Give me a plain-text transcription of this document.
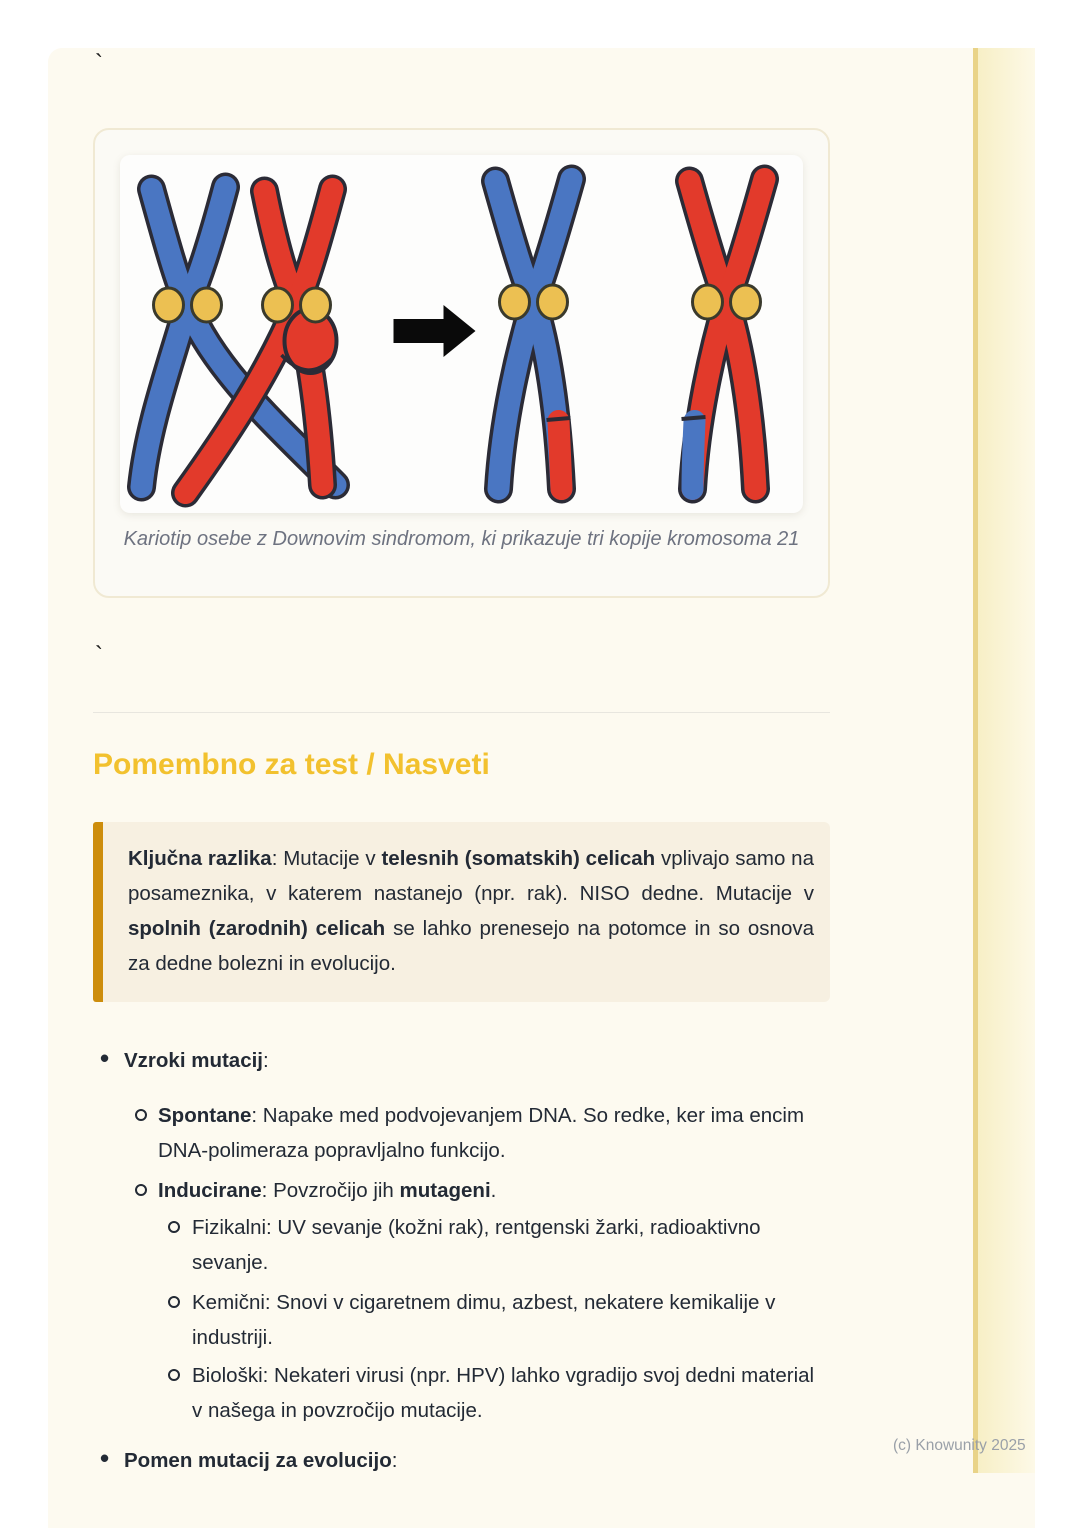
`
Kariotip osebe z Downovim sindromom, ki prikazuje tri kopije kromosoma 21
`
Pomembno za test / Nasveti

Ključna razlika: Mutacije v telesnih (somatskih) celicah vplivajo samo na posameznika, v katerem nastanejo (npr. rak). NISO dedne. Mutacije v spolnih (zarodnih) celicah se lahko prenesejo na potomce in so osnova za dedne bolezni in evolucijo.

• Vzroki mutacij:
Spontane: Napake med podvojevanjem DNA. So redke, ker ima encim DNA-polimeraza popravljalno funkcijo.
Inducirane: Povzročijo jih mutageni.
Fizikalni: UV sevanje (kožni rak), rentgenski žarki, radioaktivno sevanje.
Kemični: Snovi v cigaretnem dimu, azbest, nekatere kemikalije v industriji.
Biološki: Nekateri virusi (npr. HPV) lahko vgradijo svoj dedni material v našega in povzročijo mutacije.
• Pomen mutacij za evolucijo:
(c) Knowunity 2025
